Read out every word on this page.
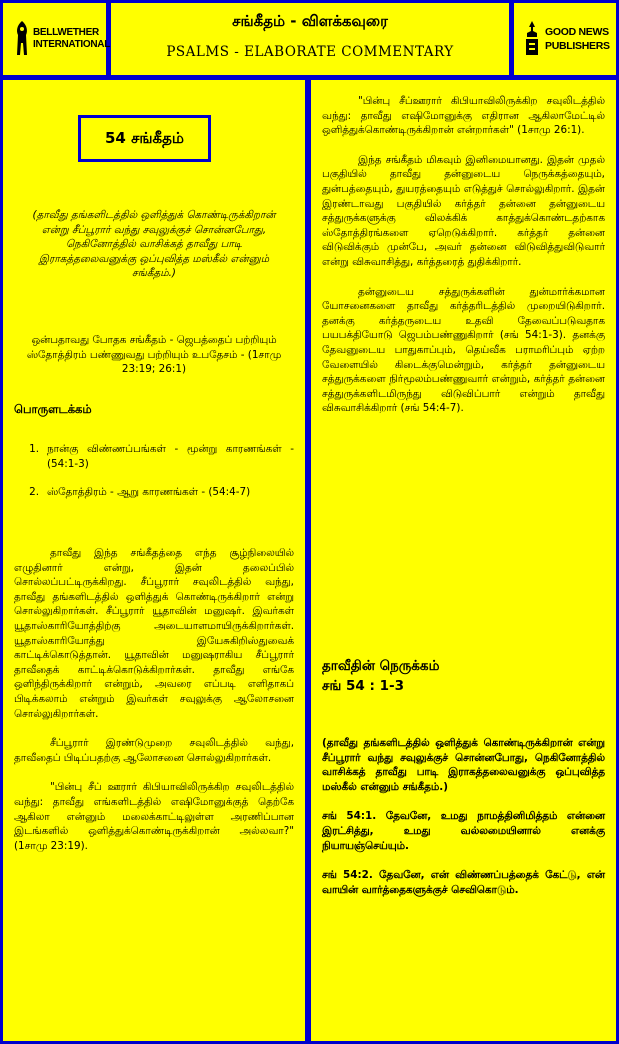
BELLWETHER
INTERNATIONAL
சங்கீதம் - விளக்கவுரை
PSALMS - ELABORATE COMMENTARY
GOOD NEWS
PUBLISHERS
54 சங்கீதம்

(தாவீது தங்களிடத்தில் ஒளித்துக் கொண்டிருக்கிறான் என்று சீப்பூரார் வந்து சவுலுக்குச் சொன்னபோது, நெகினோத்தில் வாசிக்கத் தாவீது பாடி இராகத்தலைவனுக்கு ஒப்புவித்த மஸ்கீல் என்னும் சங்கீதம்.)

ஒன்பதாவது போதக சங்கீதம் - ஜெபத்தைப் பற்றியும் ஸ்தோத்திரம் பண்ணுவது பற்றியும் உபதேசம் - (1சாமு 23:19; 26:1)

பொருளடக்கம்
1. நான்கு விண்ணப்பங்கள் - மூன்று காரணங்கள் - (54:1-3)
2. ஸ்தோத்திரம் - ஆறு காரணங்கள் - (54:4-7)

தாவீது இந்த சங்கீதத்தை எந்த சூழ்நிலையில் எழுதினார் என்று, இதன் தலைப்பில் சொல்லப்பட்டிருக்கிறது. சீப்பூரார் சவுலிடத்தில் வந்து, தாவீது தங்களிடத்தில் ஒளித்துக் கொண்டிருக்கிறார் என்று சொல்லுகிறார்கள். சீப்பூரார் யூதாவின் மனுஷர். இவர்கள் யூதாஸ்காரியோத்திற்கு அடையாளமாயிருக்கிறார்கள். யூதாஸ்காரியோத்து இயேசுகிறிஸ்துவைக் காட்டிக்கொடுத்தான். யூதாவின் மனுஷராகிய சீப்பூரார் தாவீதைக் காட்டிக்கொடுக்கிறார்கள். தாவீது எங்கே ஒளிந்திருக்கிறார் என்றும், அவரை எப்படி எளிதாகப் பிடிக்கலாம் என்றும் இவர்கள் சவுலுக்கு ஆலோசனை சொல்லுகிறார்கள்.

சீப்பூரார் இரண்டுமுறை சவுலிடத்தில் வந்து, தாவீதைப் பிடிப்பதற்கு ஆலோசனை சொல்லுகிறார்கள்.

"பின்பு சீப் ஊரார் கிபியாவிலிருக்கிற சவுலிடத்தில் வந்து: தாவீது எங்களிடத்தில் எஷிமோனுக்குத் தெற்கே ஆகிலா என்னும் மலைக்காட்டிலுள்ள அரணிப்பான இடங்களில் ஒளித்துக்கொண்டிருக்கிறான் அல்லவா?" (1சாமு 23:19).

"பின்பு சீப்ஊரார் கிபியாவிலிருக்கிற சவுலிடத்தில் வந்து: தாவீது எஷிமோனுக்கு எதிரான ஆகிலாமேட்டில் ஒளித்துக்கொண்டிருக்கிறான் என்றார்கள்" (1சாமு 26:1).

இந்த சங்கீதம் மிகவும் இனிமையானது. இதன் முதல் பகுதியில் தாவீது தன்னுடைய நெருக்கத்தையும், துன்பத்தையும், துயரத்தையும் எடுத்துச் சொல்லுகிறார். இதன் இரண்டாவது பகுதியில் கர்த்தர் தன்னை தன்னுடைய சத்துருக்களுக்கு விலக்கிக் காத்துக்கொண்டதற்காக ஸ்தோத்திரங்களை ஏறெடுக்கிறார். கர்த்தர் தன்னை விடுவிக்கும் முன்பே, அவர் தன்னை விடுவித்துவிடுவார் என்று விசுவாசித்து, கர்த்தரைத் துதிக்கிறார்.

தன்னுடைய சத்துருக்களின் துன்மார்க்கமான யோசனைகளை தாவீது கர்த்தரிடத்தில் முறையிடுகிறார். தனக்கு கர்த்தருடைய உதவி தேவைப்படுவதாக பயபக்தியோடு ஜெபம்பண்ணுகிறார் (சங் 54:1-3). தனக்கு தேவனுடைய பாதுகாப்பும், தெய்வீக பராமரிப்பும் ஏற்ற வேளையில் கிடைக்குமென்றும், கர்த்தர் தன்னுடைய சத்துருக்களை நிர்மூலம்பண்ணுவார் என்றும், கர்த்தர் தன்னை சத்துருக்களிடமிருந்து விடுவிப்பார் என்றும் தாவீது விசுவாசிக்கிறார் (சங் 54:4-7).

தாவீதின் நெருக்கம்
சங் 54 : 1-3

(தாவீது தங்களிடத்தில் ஒளித்துக் கொண்டிருக்கிறான் என்று சீப்பூரார் வந்து சவுலுக்குச் சொன்னபோது, நெகினோத்தில் வாசிக்கத் தாவீது பாடி இராகத்தலைவனுக்கு ஒப்புவித்த மஸ்கீல் என்னும் சங்கீதம்.)

சங் 54:1. தேவனே, உமது நாமத்தினிமித்தம் என்னை இரட்சித்து, உமது வல்லமையினால் எனக்கு நியாயஞ்செய்யும்.

சங் 54:2. தேவனே, என் விண்ணப்பத்தைக் கேட்டு, என் வாயின் வார்த்தைகளுக்குச் செவிகொடும்.
